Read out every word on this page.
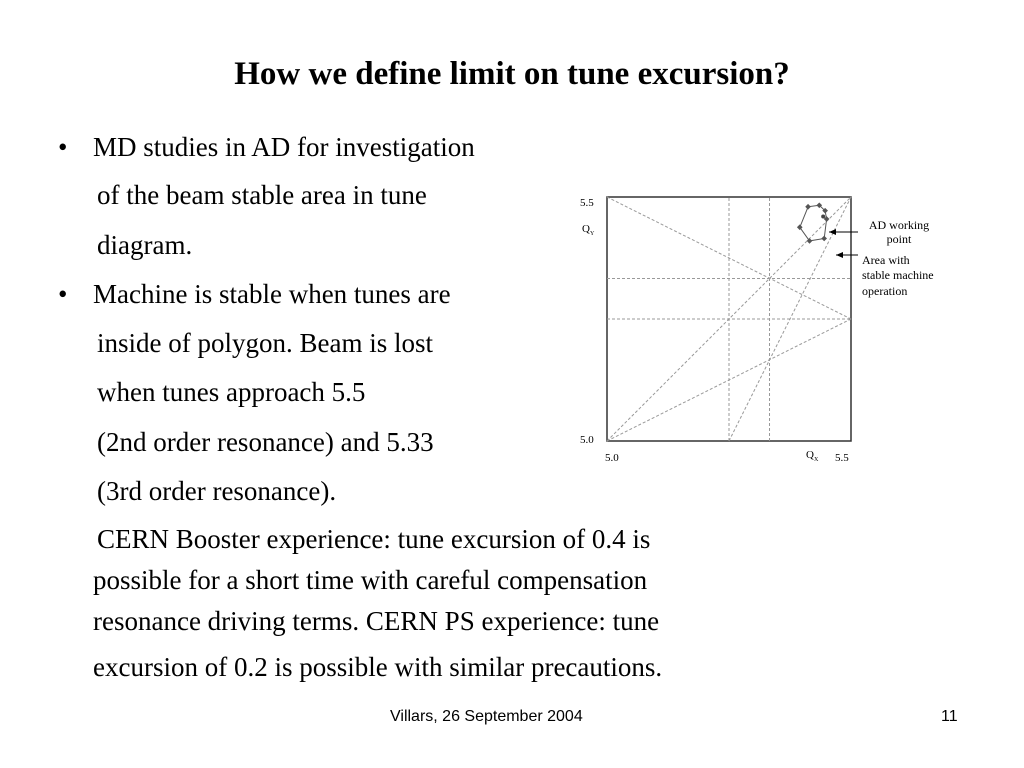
How we define limit on tune excursion?
• MD studies in AD for investigation
of the beam stable area in tune
diagram.
• Machine is stable when tunes are
inside of polygon. Beam is lost
when tunes approach 5.5
(2nd order resonance) and 5.33
(3rd order resonance).
CERN Booster experience: tune excursion of 0.4 is
possible for a short time with careful compensation
resonance driving terms. CERN PS experience: tune
excursion of 0.2 is possible with similar precautions.
5.5
$Q_Y$
5.0
5.0	$Q_X$ 5.5
AD working
point
Area with
stable machine
operation
Villars, 26 September 2004	11
